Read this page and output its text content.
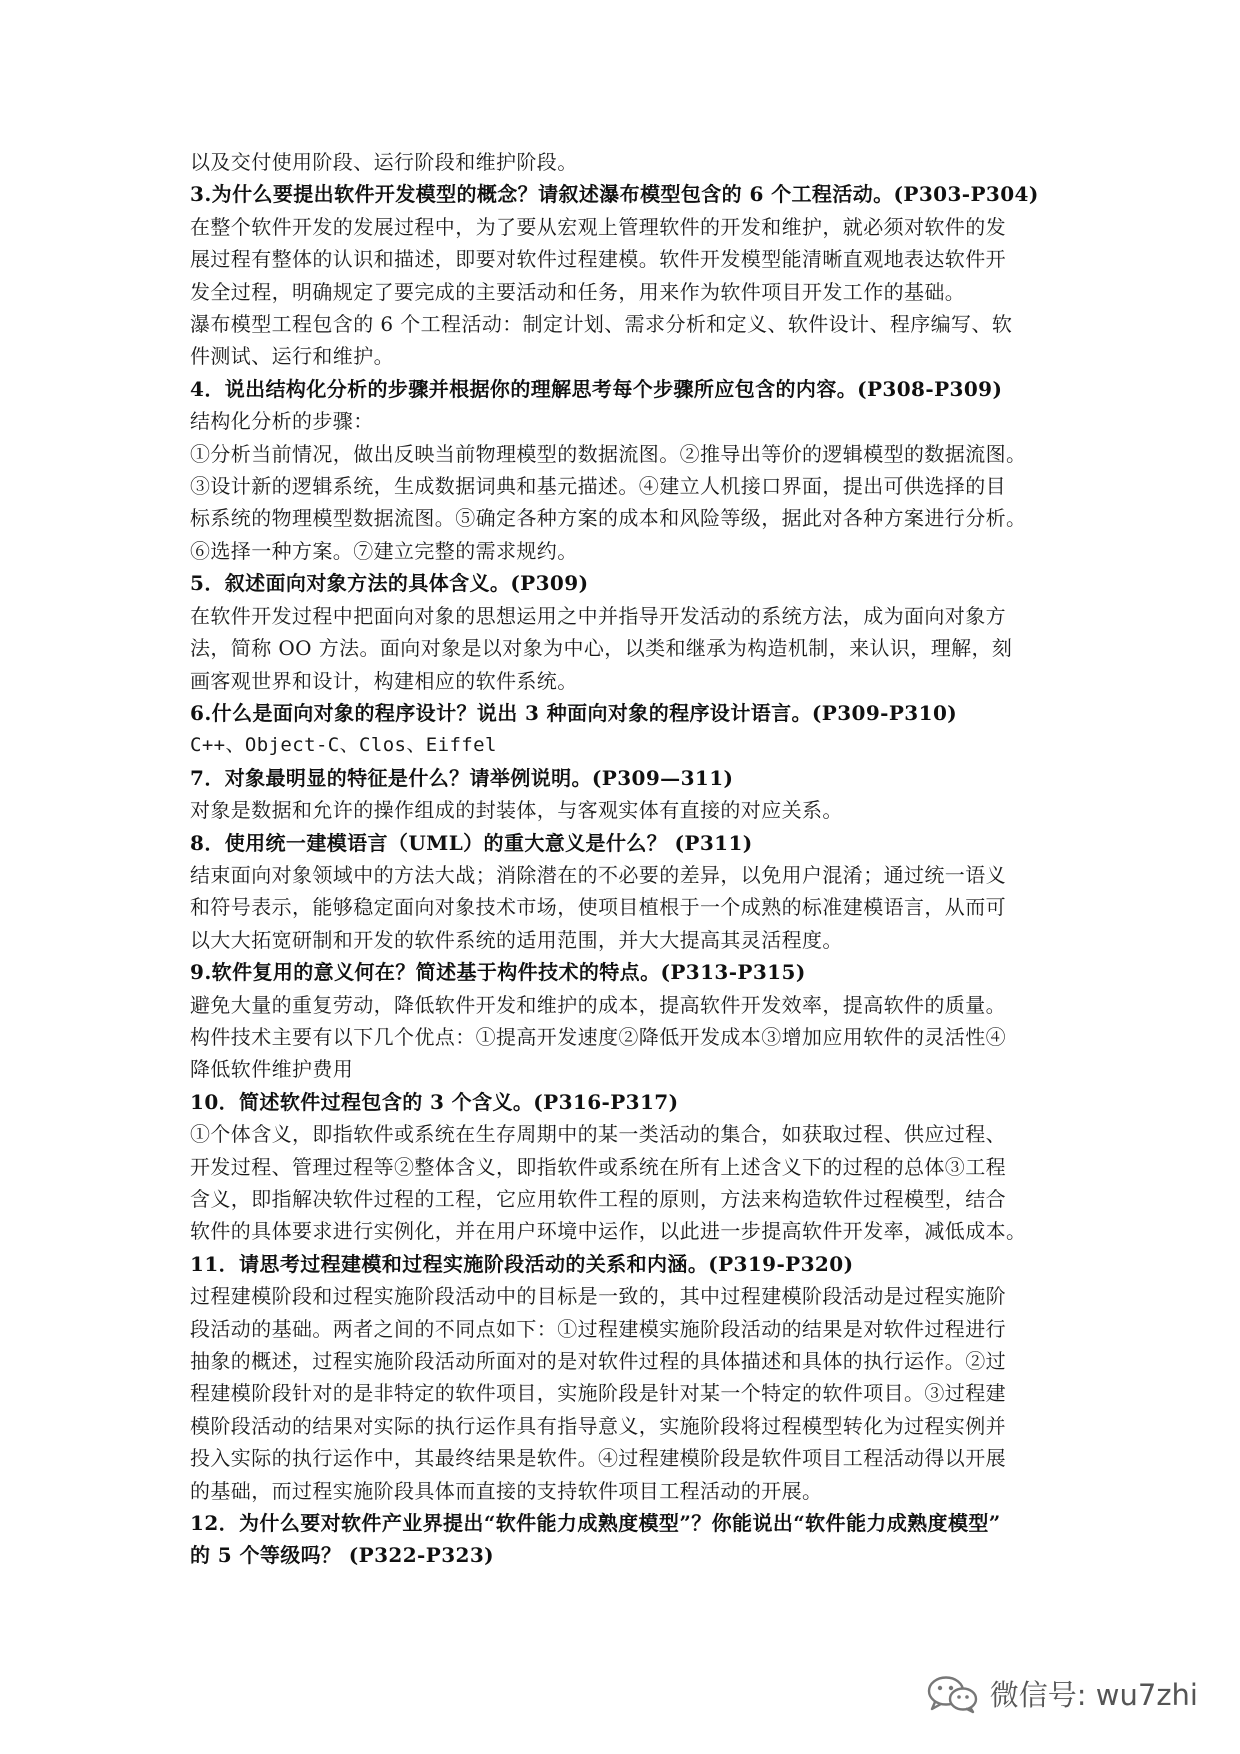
以及交付使用阶段、运行阶段和维护阶段。
3.为什么要提出软件开发模型的概念？请叙述瀑布模型包含的 6 个工程活动。(P303-P304)
在整个软件开发的发展过程中，为了要从宏观上管理软件的开发和维护，就必须对软件的发
展过程有整体的认识和描述，即要对软件过程建模。软件开发模型能清晰直观地表达软件开
发全过程，明确规定了要完成的主要活动和任务，用来作为软件项目开发工作的基础。
瀑布模型工程包含的 6 个工程活动：制定计划、需求分析和定义、软件设计、程序编写、软
件测试、运行和维护。
4．说出结构化分析的步骤并根据你的理解思考每个步骤所应包含的内容。(P308-P309)
结构化分析的步骤：
①分析当前情况，做出反映当前物理模型的数据流图。②推导出等价的逻辑模型的数据流图。
③设计新的逻辑系统，生成数据词典和基元描述。④建立人机接口界面，提出可供选择的目
标系统的物理模型数据流图。⑤确定各种方案的成本和风险等级，据此对各种方案进行分析。
⑥选择一种方案。⑦建立完整的需求规约。
5．叙述面向对象方法的具体含义。(P309)
在软件开发过程中把面向对象的思想运用之中并指导开发活动的系统方法，成为面向对象方
法，简称 OO 方法。面向对象是以对象为中心，以类和继承为构造机制，来认识，理解，刻
画客观世界和设计，构建相应的软件系统。
6.什么是面向对象的程序设计？说出 3 种面向对象的程序设计语言。(P309-P310)
C++、Object-C、Clos、Eiffel
7．对象最明显的特征是什么？请举例说明。(P309—311)
对象是数据和允许的操作组成的封装体，与客观实体有直接的对应关系。
8．使用统一建模语言（UML）的重大意义是什么？ (P311)
结束面向对象领域中的方法大战；消除潜在的不必要的差异，以免用户混淆；通过统一语义
和符号表示，能够稳定面向对象技术市场，使项目植根于一个成熟的标准建模语言，从而可
以大大拓宽研制和开发的软件系统的适用范围，并大大提高其灵活程度。
9.软件复用的意义何在？简述基于构件技术的特点。(P313-P315)
避免大量的重复劳动，降低软件开发和维护的成本，提高软件开发效率，提高软件的质量。
构件技术主要有以下几个优点：①提高开发速度②降低开发成本③增加应用软件的灵活性④
降低软件维护费用
10．简述软件过程包含的 3 个含义。(P316-P317)
①个体含义，即指软件或系统在生存周期中的某一类活动的集合，如获取过程、供应过程、
开发过程、管理过程等②整体含义，即指软件或系统在所有上述含义下的过程的总体③工程
含义，即指解决软件过程的工程，它应用软件工程的原则，方法来构造软件过程模型，结合
软件的具体要求进行实例化，并在用户环境中运作，以此进一步提高软件开发率，减低成本。
11．请思考过程建模和过程实施阶段活动的关系和内涵。(P319-P320)
过程建模阶段和过程实施阶段活动中的目标是一致的，其中过程建模阶段活动是过程实施阶
段活动的基础。两者之间的不同点如下：①过程建模实施阶段活动的结果是对软件过程进行
抽象的概述，过程实施阶段活动所面对的是对软件过程的具体描述和具体的执行运作。②过
程建模阶段针对的是非特定的软件项目，实施阶段是针对某一个特定的软件项目。③过程建
模阶段活动的结果对实际的执行运作具有指导意义，实施阶段将过程模型转化为过程实例并
投入实际的执行运作中，其最终结果是软件。④过程建模阶段是软件项目工程活动得以开展
的基础，而过程实施阶段具体而直接的支持软件项目工程活动的开展。
12．为什么要对软件产业界提出“软件能力成熟度模型”？你能说出“软件能力成熟度模型”
的 5 个等级吗？ (P322-P323)
微信号: wu7zhi
